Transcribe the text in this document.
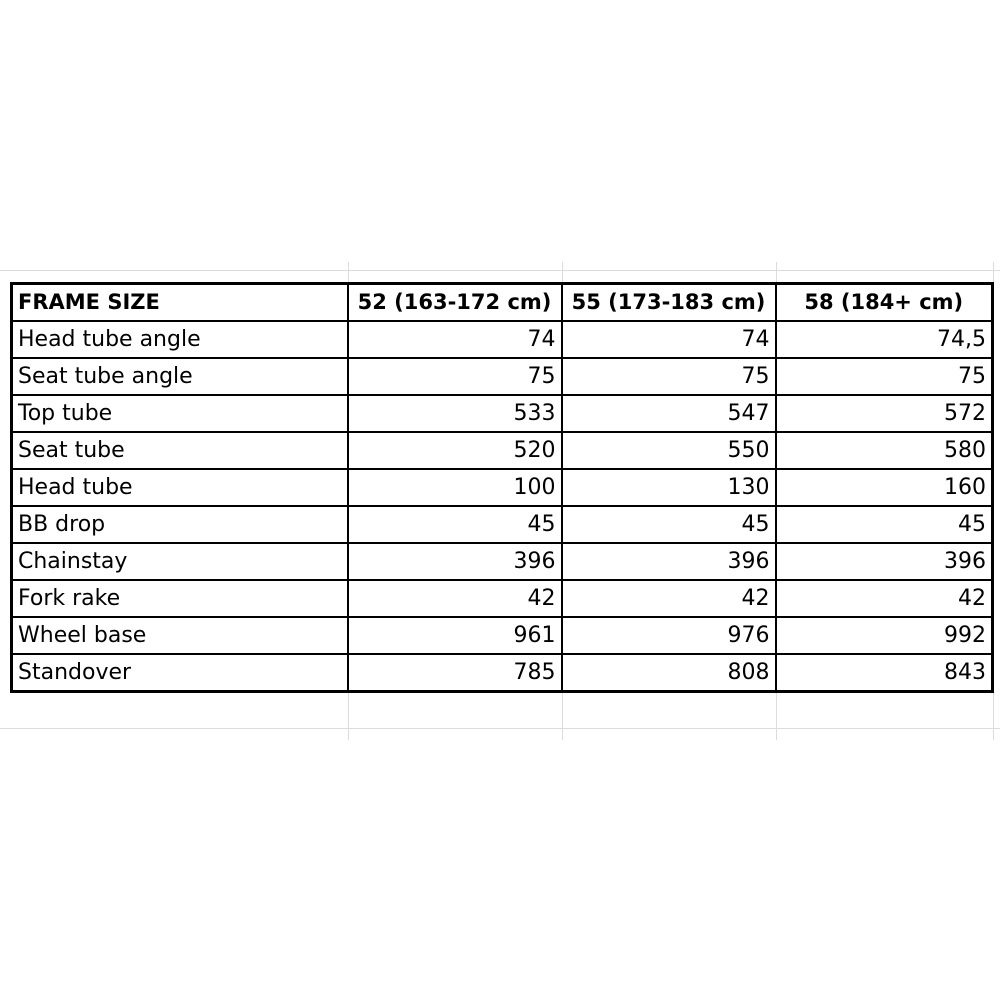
FRAME SIZE	52 (163-172 cm)	55 (173-183 cm)	58 (184+ cm)
Head tube angle	74	74	74,5
Seat tube angle	75	75	75
Top tube	533	547	572
Seat tube	520	550	580
Head tube	100	130	160
BB drop	45	45	45
Chainstay	396	396	396
Fork rake	42	42	42
Wheel base	961	976	992
Standover	785	808	843
